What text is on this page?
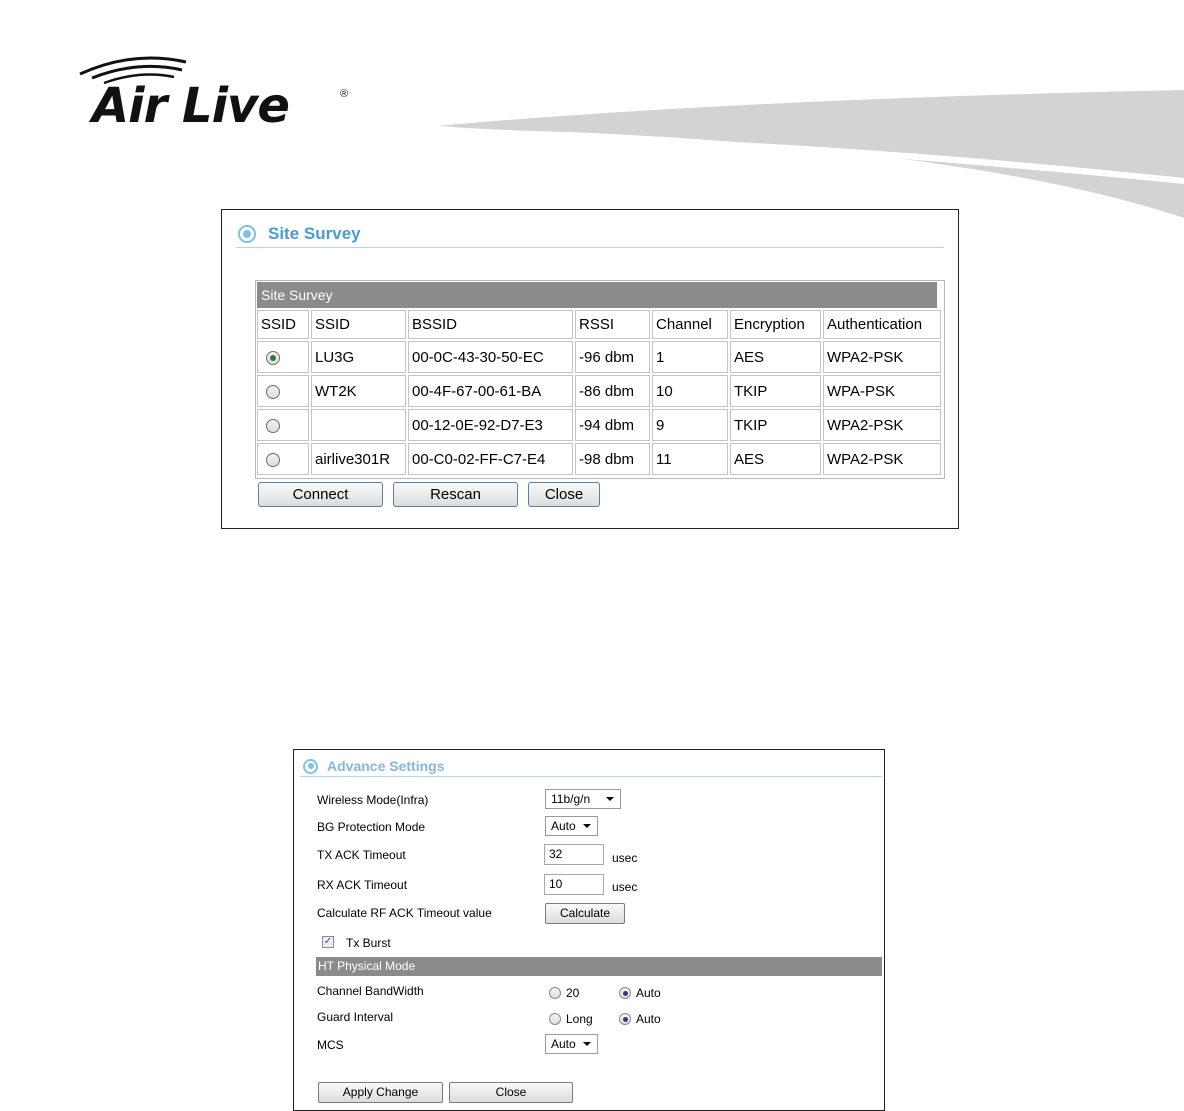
Air Live	®
Site Survey
Site Survey
SSID	SSID	BSSID	RSSI	Channel	Encryption	Authentication
	LU3G	00-0C-43-30-50-EC	-96 dbm	1	AES	WPA2-PSK
	WT2K	00-4F-67-00-61-BA	-86 dbm	10	TKIP	WPA-PSK
		00-12-0E-92-D7-E3	-94 dbm	9	TKIP	WPA2-PSK
	airlive301R	00-C0-02-FF-C7-E4	-98 dbm	11	AES	WPA2-PSK
Connect	Rescan	Close
Advance Settings
Wireless Mode(Infra)	11b/g/n
BG Protection Mode	Auto
TX ACK Timeout	32	usec
RX ACK Timeout	10	usec
Calculate RF ACK Timeout value	Calculate
✓ Tx Burst
HT Physical Mode
Channel BandWidth	20	Auto
Guard Interval	Long	Auto
MCS	Auto
Apply Change	Close
